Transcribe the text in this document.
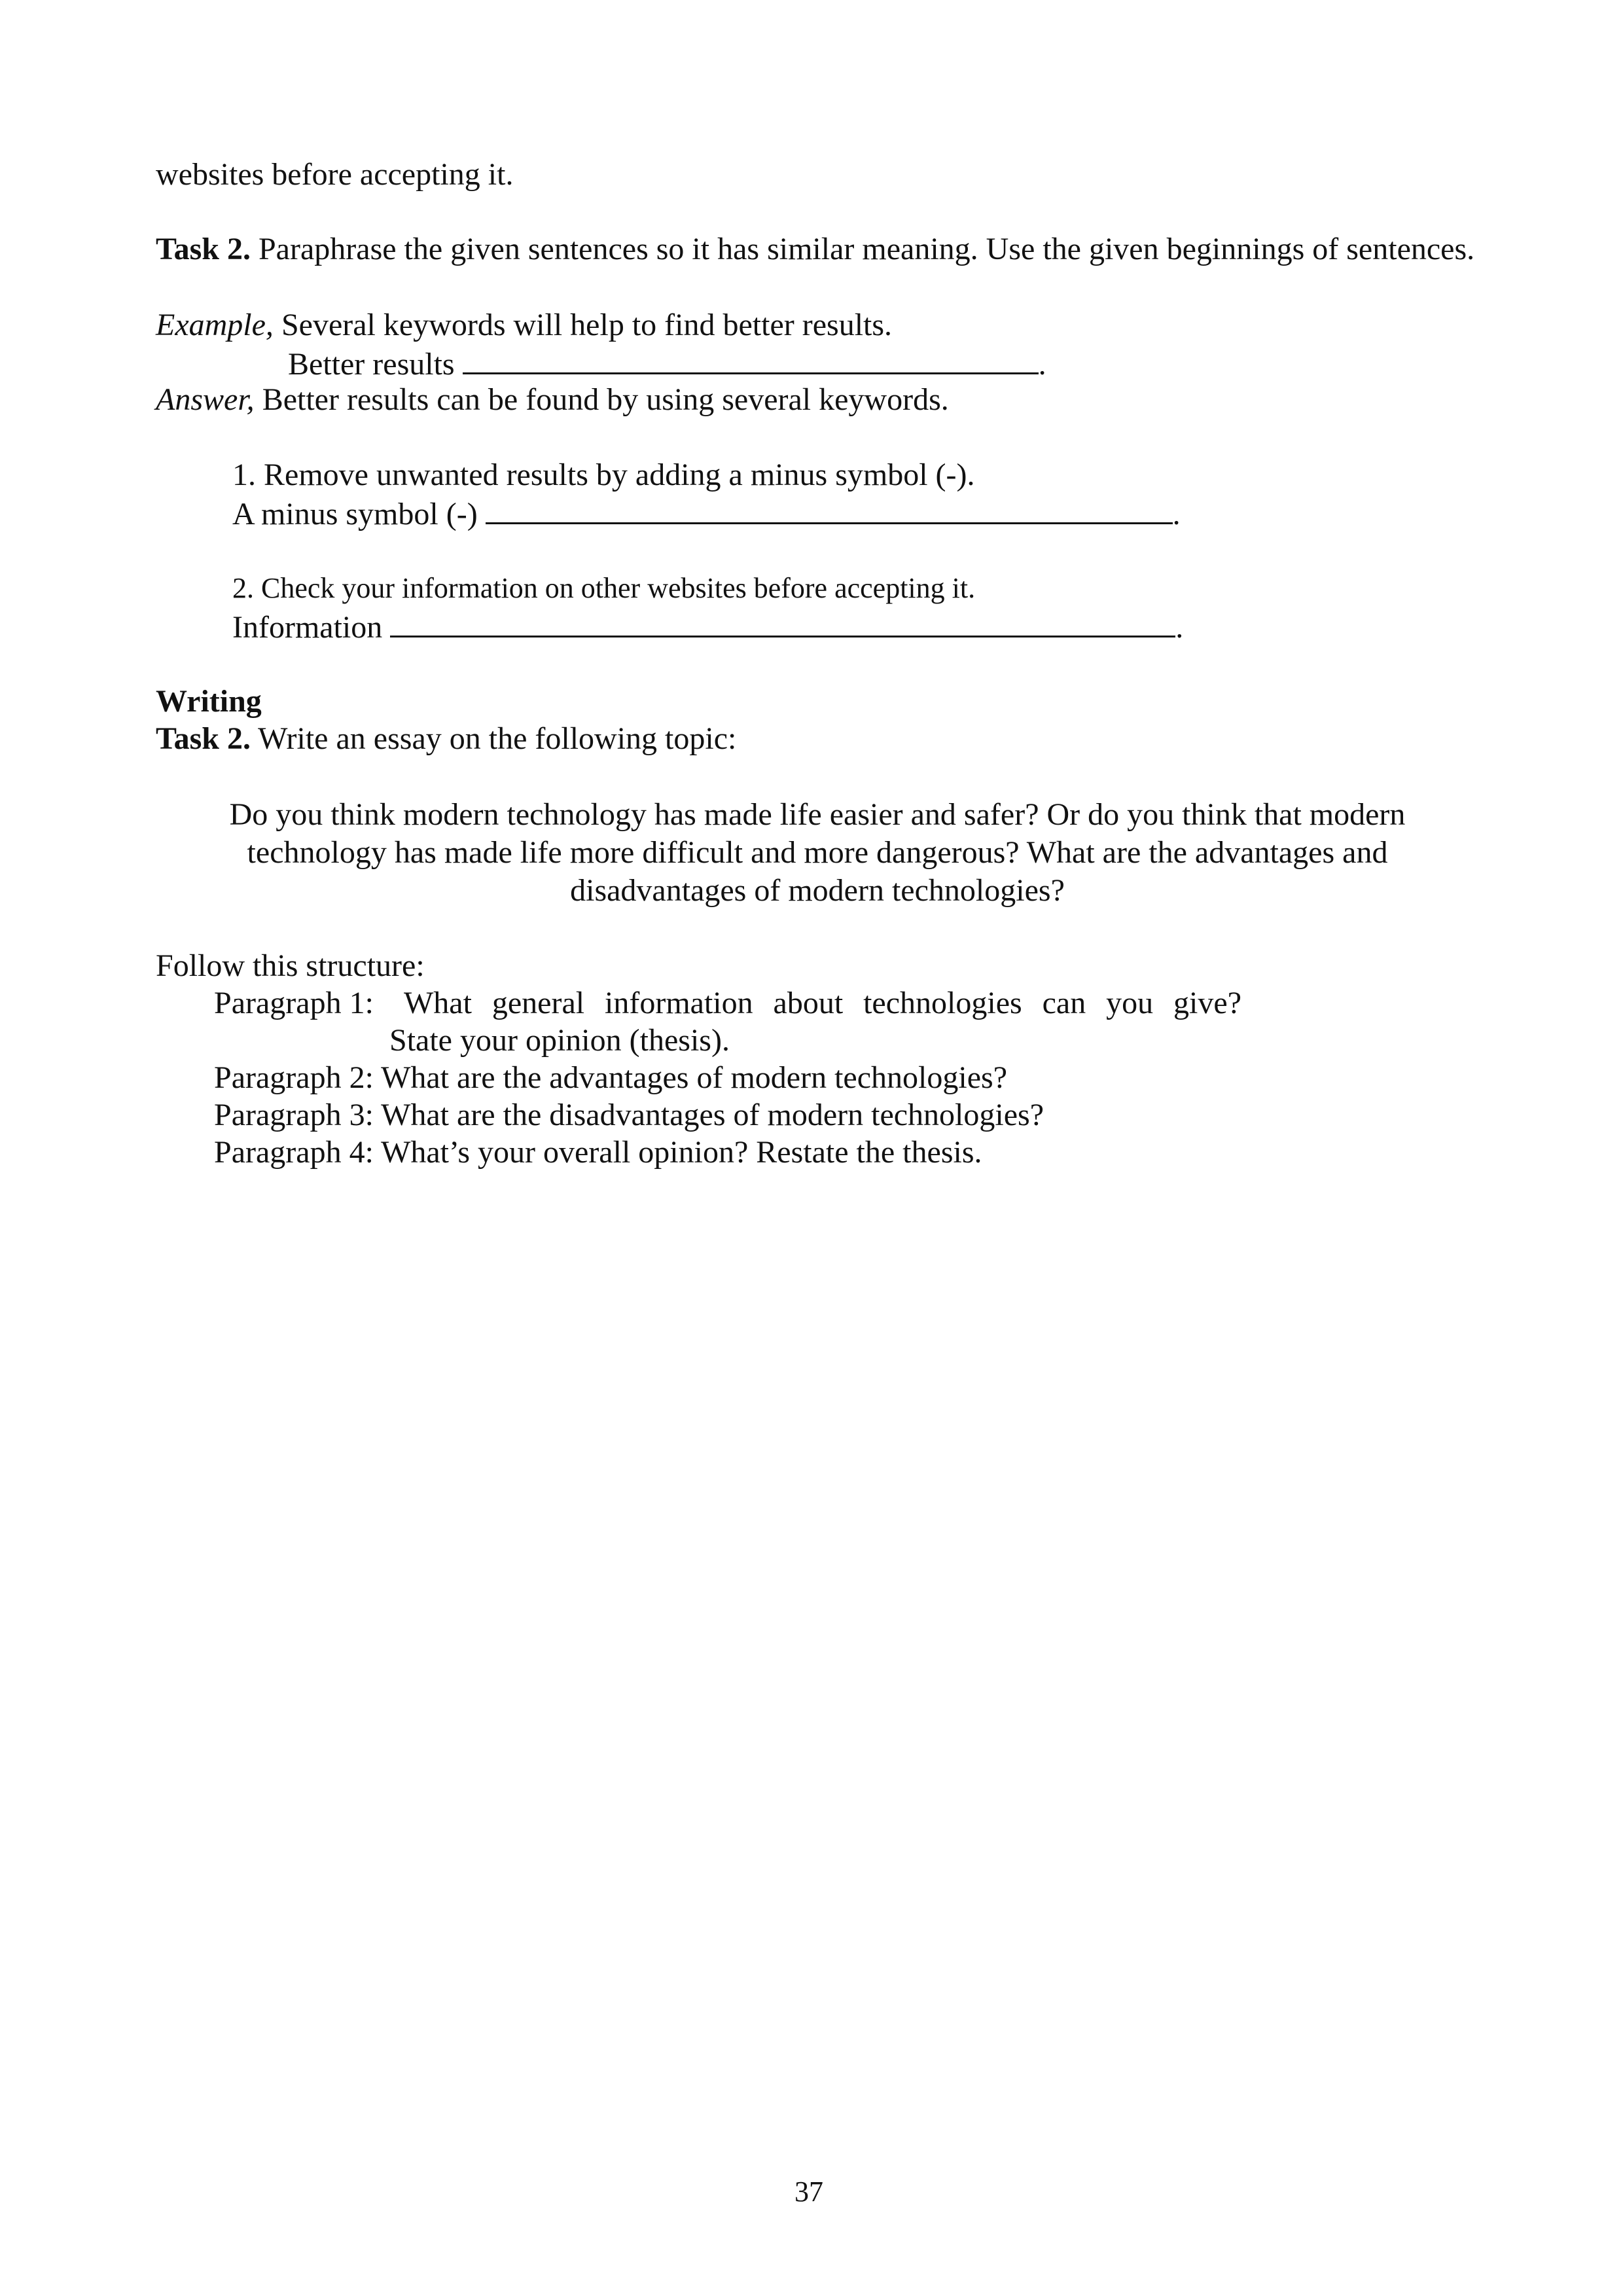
websites before accepting it.
Task 2. Paraphrase the given sentences so it has similar meaning. Use the given beginnings of sentences.
Example, Several keywords will help to find better results.
Better results	.
Answer, Better results can be found by using several keywords.
1. Remove unwanted results by adding a minus symbol (-).
A minus symbol (-)	.
2. Check your information on other websites before accepting it.
Information	.
Writing
Task 2. Write an essay on the following topic:
Do you think modern technology has made life easier and safer? Or do you think that modern
technology has made life more difficult and more dangerous? What are the advantages and
disadvantages of modern technologies?
Follow this structure:
Paragraph 1: What general information about technologies can you give?
State your opinion (thesis).
Paragraph 2: What are the advantages of modern technologies?
Paragraph 3: What are the disadvantages of modern technologies?
Paragraph 4: What’s your overall opinion? Restate the thesis.
37
